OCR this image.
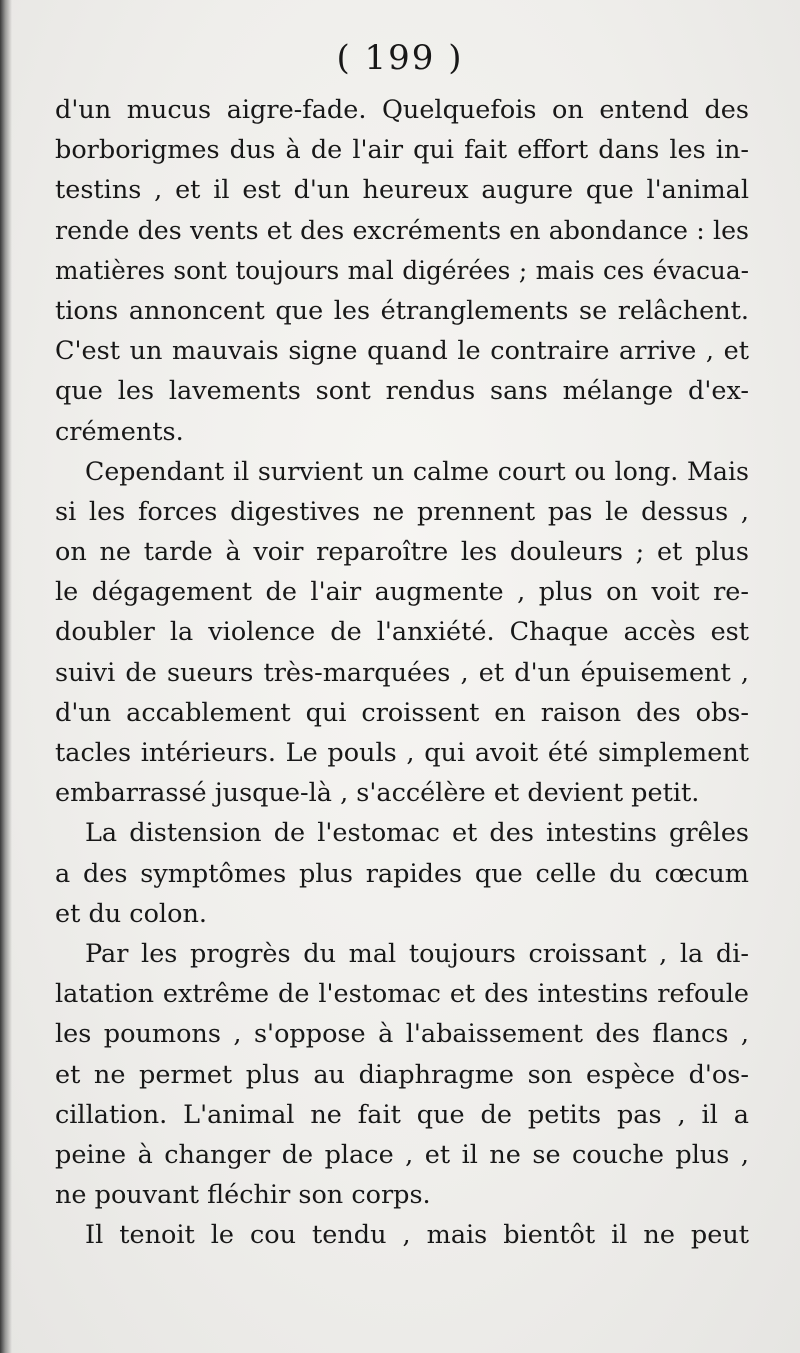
( 199 )
d'un mucus aigre-fade. Quelquefois on entend des
borborigmes dus à de l'air qui fait effort dans les in-
testins , et il est d'un heureux augure que l'animal
rende des vents et des excréments en abondance : les
matières sont toujours mal digérées ; mais ces évacua-
tions annoncent que les étranglements se relâchent.
C'est un mauvais signe quand le contraire arrive , et
que les lavements sont rendus sans mélange d'ex-
créments.
Cependant il survient un calme court ou long. Mais
si les forces digestives ne prennent pas le dessus ,
on ne tarde à voir reparoître les douleurs ; et plus
le dégagement de l'air augmente , plus on voit re-
doubler la violence de l'anxiété. Chaque accès est
suivi de sueurs très-marquées , et d'un épuisement ,
d'un accablement qui croissent en raison des obs-
tacles intérieurs. Le pouls , qui avoit été simplement
embarrassé jusque-là , s'accélère et devient petit.
La distension de l'estomac et des intestins grêles
a des symptômes plus rapides que celle du cœcum
et du colon.
Par les progrès du mal toujours croissant , la di-
latation extrême de l'estomac et des intestins refoule
les poumons , s'oppose à l'abaissement des flancs ,
et ne permet plus au diaphragme son espèce d'os-
cillation. L'animal ne fait que de petits pas , il a
peine à changer de place , et il ne se couche plus ,
ne pouvant fléchir son corps.
Il tenoit le cou tendu , mais bientôt il ne peut
